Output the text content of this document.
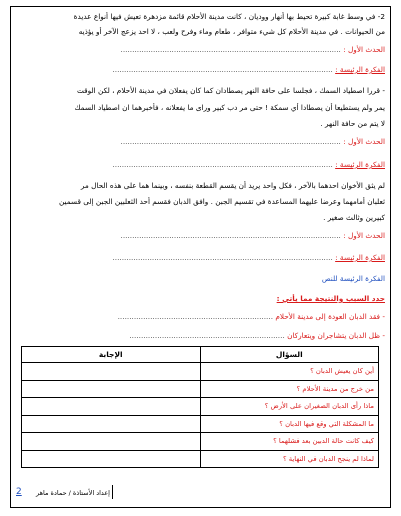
2- في وسط غابة كبيرة تحيط بها أنهار ووديان ، كانت مدينة الأحلام قائمة مزدهرة تعيش فيها أنواع عديدة
من الحيوانات . في مدينة الأحلام كل شيء متوافر ، طعام وماء وفرح ولعب ، لا احد يزعج الآخر أو يؤذيه
الحدث الأول : ...............................................................................................
الفكرة الرئيسة : ...............................................................................................
- قررا اصطياد السمك ، فجلسا على حافة النهر يصطادان كما كان يفعلان في مدينة الأحلام ، لكن الوقت
يمر ولم يستطيعا أن يصطادا أي سمكة ! حتى مر دب كبير وراى ما يفعلانه ، فأخبرهما ان اصطياد السمك
لا يتم من حافة النهر .
الحدث الأول : ...............................................................................................
الفكرة الرئيسة : ...............................................................................................
لم يثق الأخوان احدهما بالآخر ، فكل واحد يريد أن يقسم القطعة بنفسه ، وبينما هما على هذه الحال مر
ثعلبان أمامهما وعرضا عليهما المساعدة في تقسيم الجبن . وافق الدبان فقسم أحد الثعلبين الجبن إلى قسمين
كبيرين وثالث صغير .
الحدث الأول : ...............................................................................................
الفكرة الرئيسة : ...............................................................................................
الفكرة الرئيسة للنص
حدد السبب والنتيجة مما يأتي :
- فقد الدبان العودة إلى مدينة الأحلام ...................................................................
- ظل الدبان يتشاجران ويتعاركان ...................................................................
السؤال	الإجابة
أين كان يعيش الدبان ؟	
من خرج من مدينة الأحلام ؟	
ماذا رأى الدبان الصغيران على الأرض ؟	
ما المشكلة التي وقع فيها الدبان ؟	
كيف كانت حالة الدبين بعد فشلهما ؟	
لماذا لم ينجح الدبان في النهاية ؟	
2 إعداد الأستاذة / حمادة ماهر
